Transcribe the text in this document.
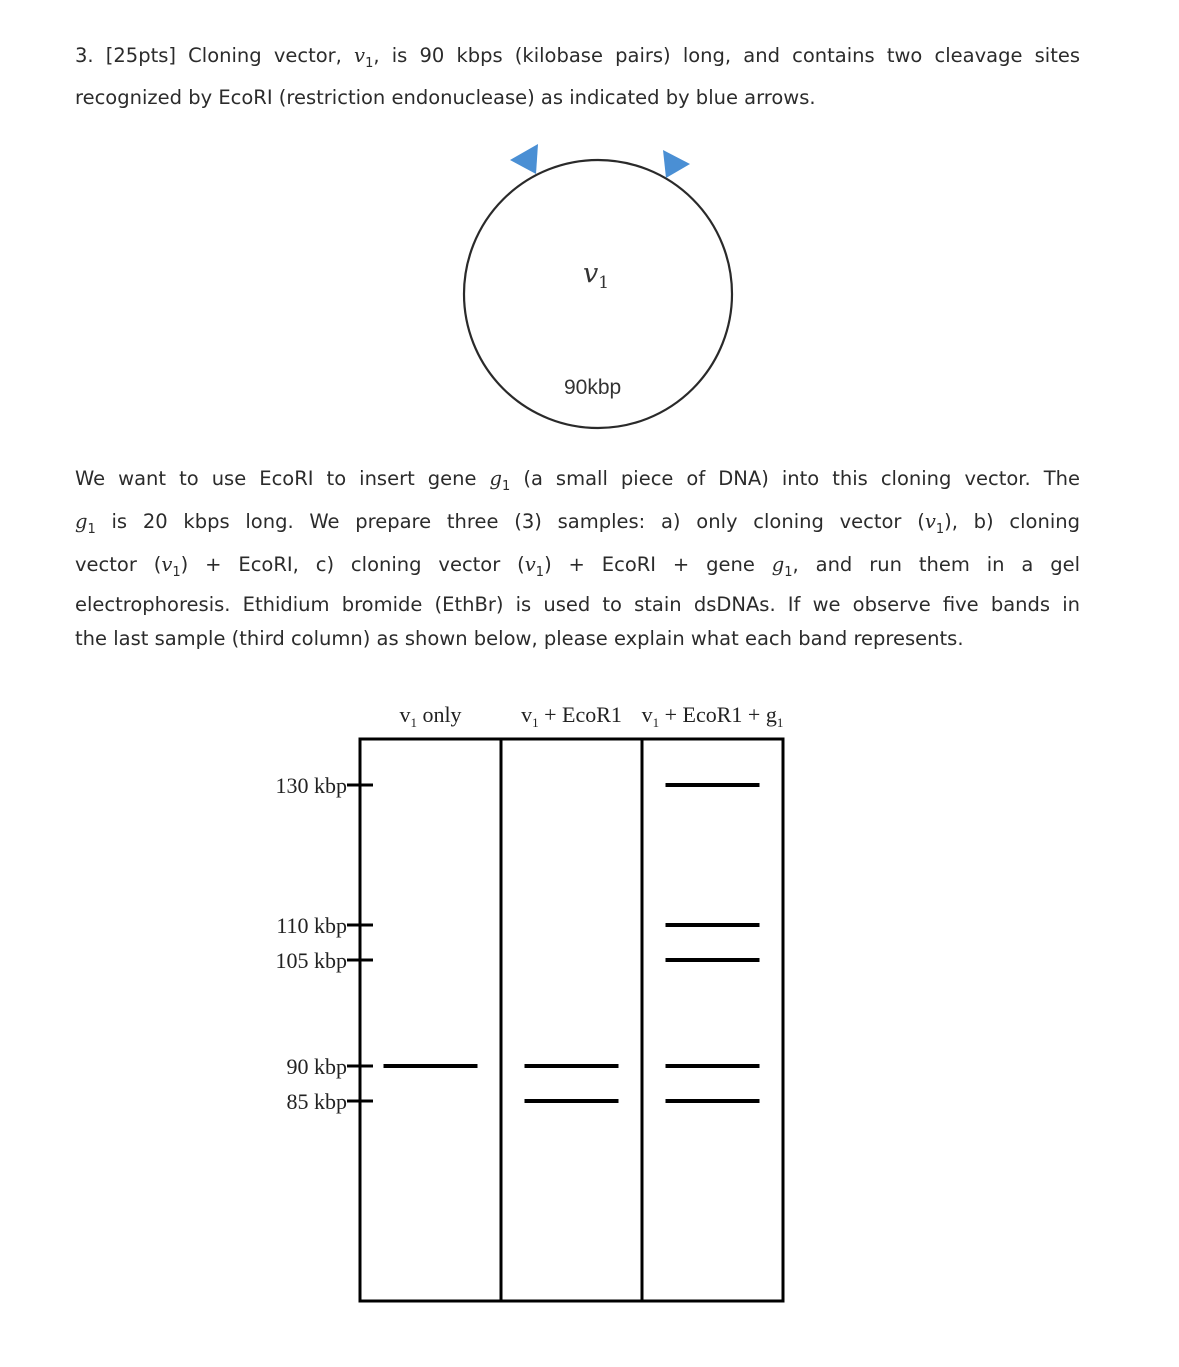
3. [25pts] Cloning vector, $v_1$, is 90 kbps (kilobase pairs) long, and contains two cleavage sites
recognized by EcoRI (restriction endonuclease) as indicated by blue arrows.
$v_1$
90kbp
We want to use EcoRI to insert gene $g_1$ (a small piece of DNA) into this cloning vector. The
$g_1$ is 20 kbps long. We prepare three (3) samples: a) only cloning vector $(v_1)$, b) cloning
vector $(v_1)$ + EcoRI, c) cloning vector $(v_1)$ + EcoRI + gene $g_1$, and run them in a gel
electrophoresis. Ethidium bromide (EthBr) is used to stain dsDNAs. If we observe five bands in
the last sample (third column) as shown below, please explain what each band represents.
$v_1$ only	$v_1$ + EcoR1 $v_1$ + EcoR1 + $g_1$
130 kbp
110 kbp
105 kbp
90 kbp
85 kbp
